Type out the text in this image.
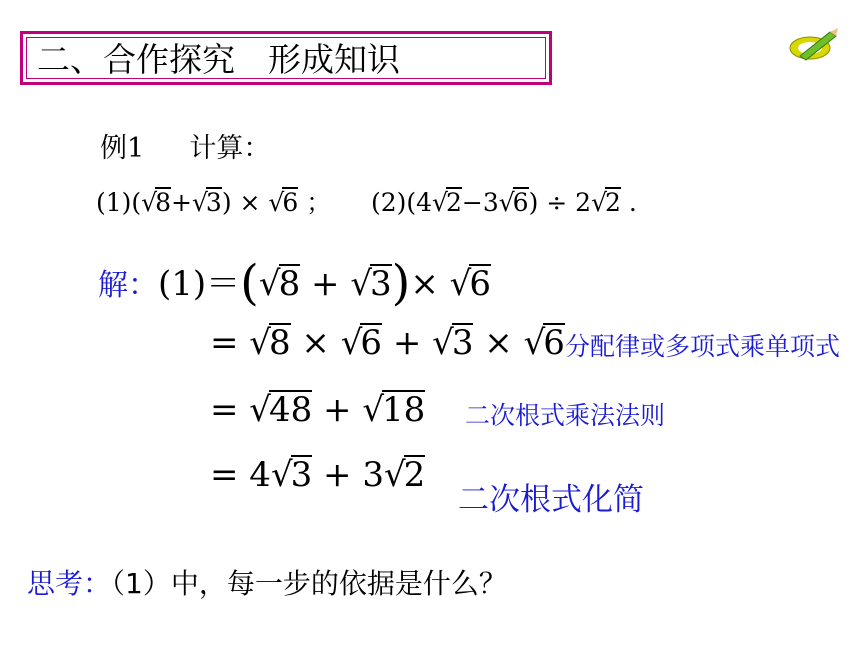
二、合作探究　形成知识
例1 计算：
(1)(√8+√3) × √6 ；     (2)(4√2−3√6) ÷ 2√2 .
解：(1)＝(√8 + √3)× √6
= √8 × √6 + √3 × √6
= √48 + √18
= 4√3 + 3√2
分配律或多项式乘单项式
二次根式乘法法则
二次根式化简
思考：（1）中，每一步的依据是什么？
